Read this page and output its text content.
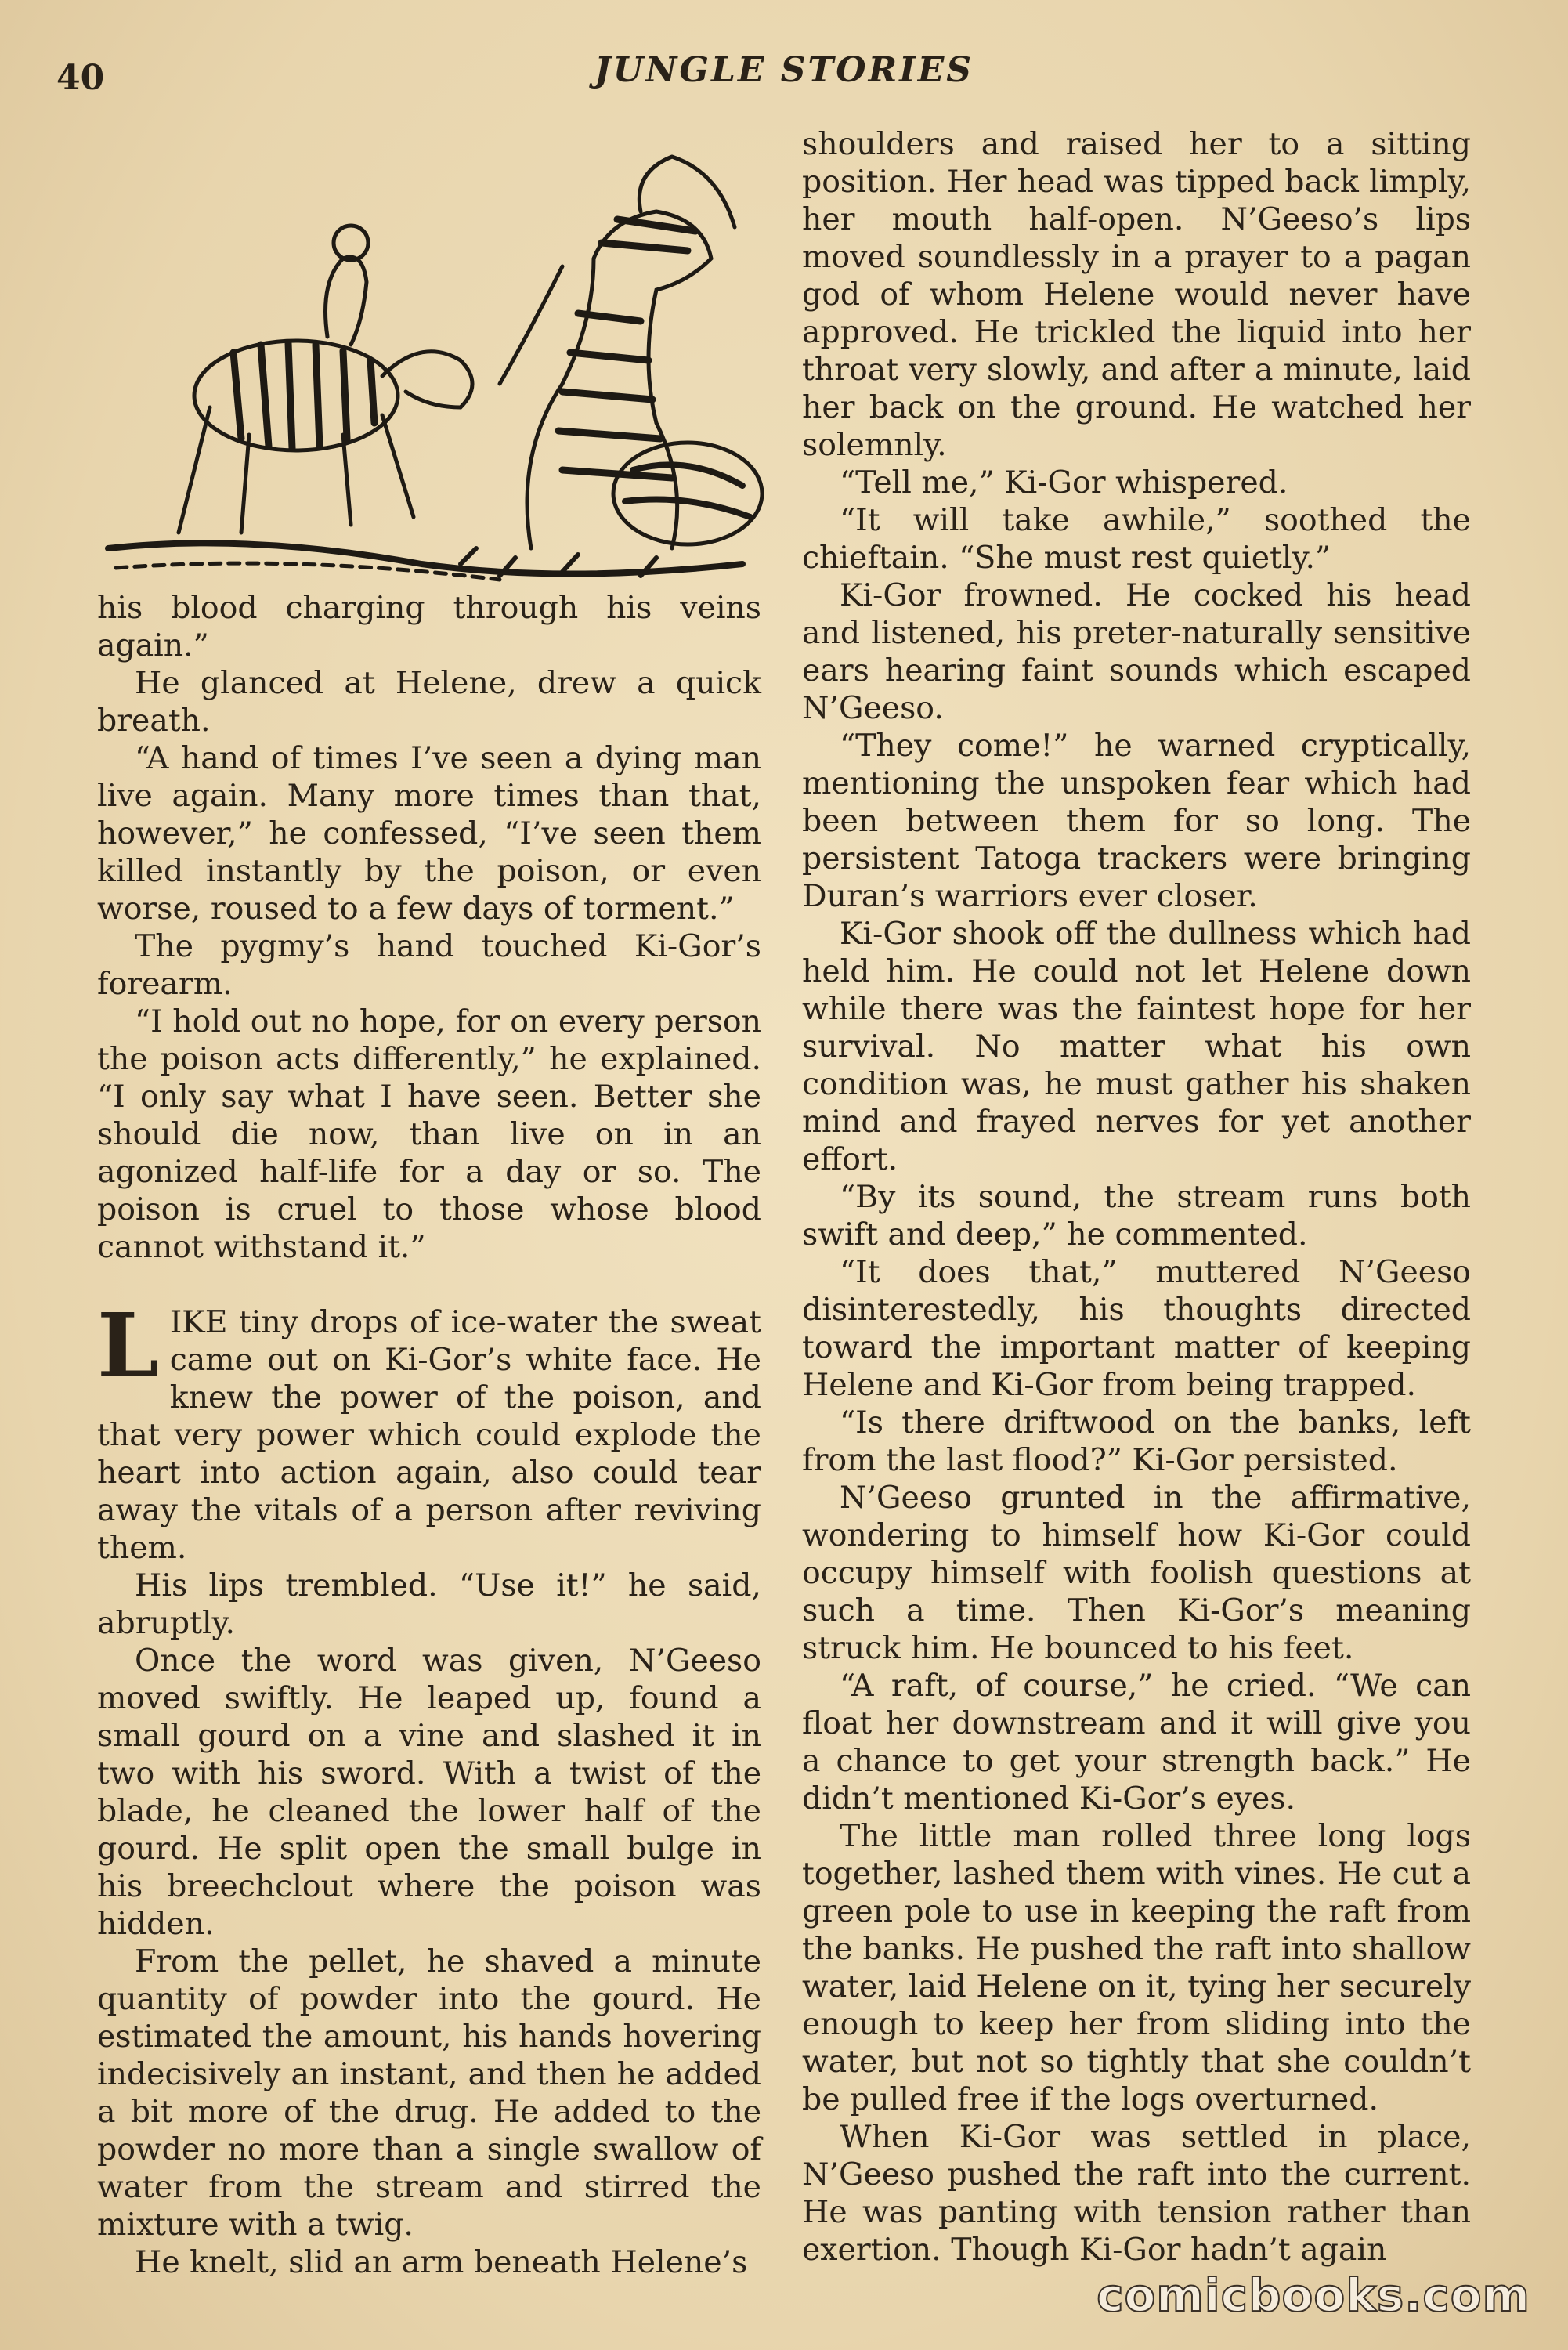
40	JUNGLE STORIES

his blood charging through his veins again.”

He glanced at Helene, drew a quick breath.

“A hand of times I’ve seen a dying man live again. Many more times than that, however,” he confessed, “I’ve seen them killed instantly by the poison, or even worse, roused to a few days of torment.”

The pygmy’s hand touched Ki-Gor’s forearm.

“I hold out no hope, for on every person the poison acts differently,” he explained. “I only say what I have seen. Better she should die now, than live on in an agonized half-life for a day or so. The poison is cruel to those whose blood cannot withstand it.”

LIKE tiny drops of ice-water the sweat came out on Ki-Gor’s white face. He knew the power of the poison, and that very power which could explode the heart into action again, also could tear away the vitals of a person after reviving them.

His lips trembled. “Use it!” he said, abruptly.

Once the word was given, N’Geeso moved swiftly. He leaped up, found a small gourd on a vine and slashed it in two with his sword. With a twist of the blade, he cleaned the lower half of the gourd. He split open the small bulge in his breechclout where the poison was hidden.

From the pellet, he shaved a minute quantity of powder into the gourd. He estimated the amount, his hands hovering indecisively an instant, and then he added a bit more of the drug. He added to the powder no more than a single swallow of water from the stream and stirred the mixture with a twig.

He knelt, slid an arm beneath Helene’s

shoulders and raised her to a sitting position. Her head was tipped back limply, her mouth half-open. N’Geeso’s lips moved soundlessly in a prayer to a pagan god of whom Helene would never have approved. He trickled the liquid into her throat very slowly, and after a minute, laid her back on the ground. He watched her solemnly.

“Tell me,” Ki-Gor whispered.

“It will take awhile,” soothed the chieftain. “She must rest quietly.”

Ki-Gor frowned. He cocked his head and listened, his preter-naturally sensitive ears hearing faint sounds which escaped N’Geeso.

“They come!” he warned cryptically, mentioning the unspoken fear which had been between them for so long. The persistent Tatoga trackers were bringing Duran’s warriors ever closer.

Ki-Gor shook off the dullness which had held him. He could not let Helene down while there was the faintest hope for her survival. No matter what his own condition was, he must gather his shaken mind and frayed nerves for yet another effort.

“By its sound, the stream runs both swift and deep,” he commented.

“It does that,” muttered N’Geeso disinterestedly, his thoughts directed toward the important matter of keeping Helene and Ki-Gor from being trapped.

“Is there driftwood on the banks, left from the last flood?” Ki-Gor persisted.

N’Geeso grunted in the affirmative, wondering to himself how Ki-Gor could occupy himself with foolish questions at such a time. Then Ki-Gor’s meaning struck him. He bounced to his feet.

“A raft, of course,” he cried. “We can float her downstream and it will give you a chance to get your strength back.” He didn’t mentioned Ki-Gor’s eyes.

The little man rolled three long logs together, lashed them with vines. He cut a green pole to use in keeping the raft from the banks. He pushed the raft into shallow water, laid Helene on it, tying her securely enough to keep her from sliding into the water, but not so tightly that she couldn’t be pulled free if the logs overturned.

When Ki-Gor was settled in place, N’Geeso pushed the raft into the current. He was panting with tension rather than exertion. Though Ki-Gor hadn’t again

comicbooks.com
